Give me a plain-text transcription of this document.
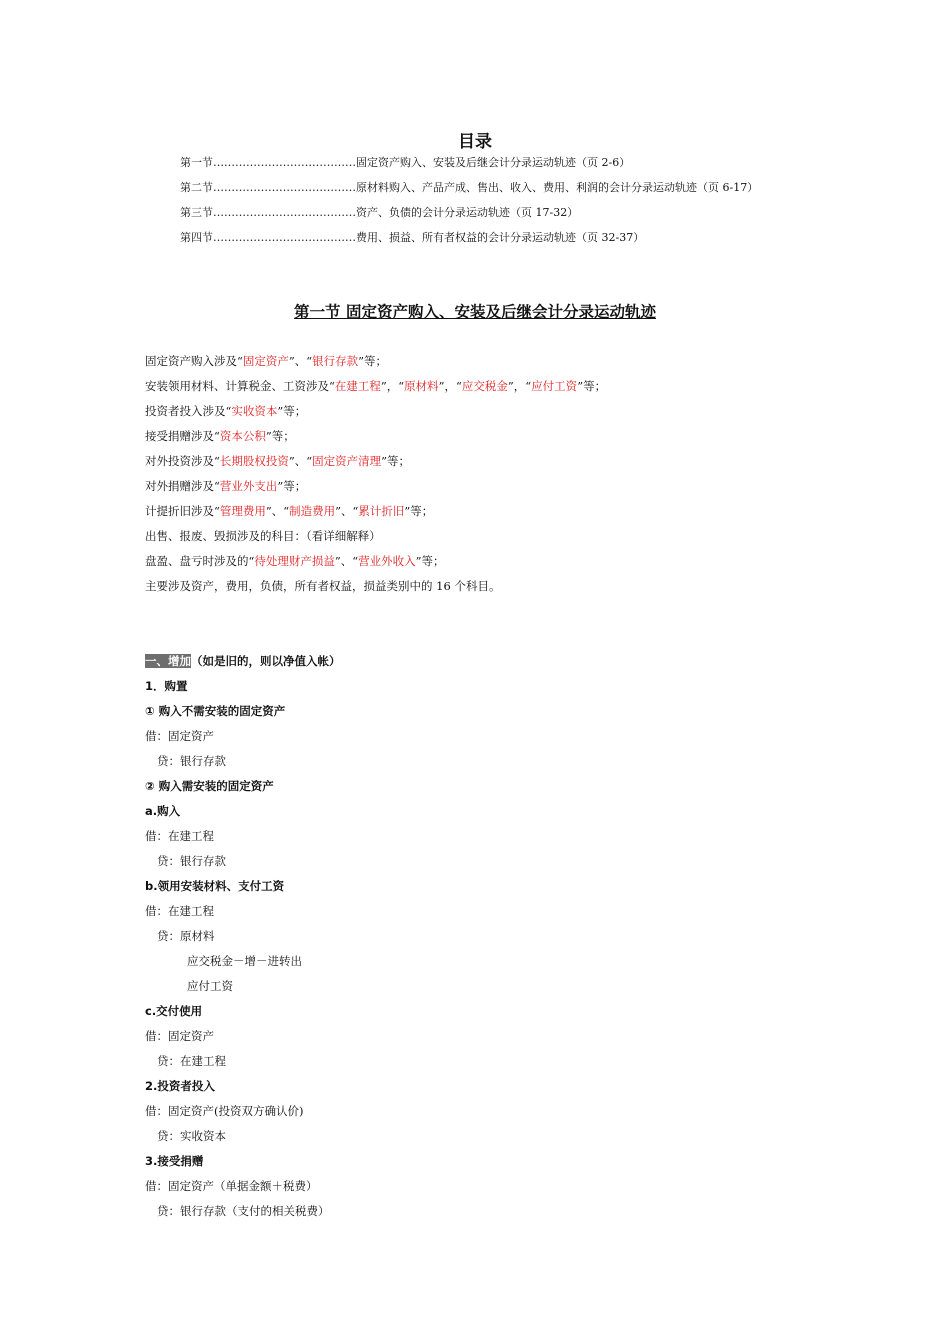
目录
第一节…………………………………固定资产购入、安装及后继会计分录运动轨迹（页 2-6）
第二节…………………………………原材料购入、产品产成、售出、收入、费用、利润的会计分录运动轨迹（页 6-17）
第三节…………………………………资产、负债的会计分录运动轨迹（页 17-32）
第四节…………………………………费用、损益、所有者权益的会计分录运动轨迹（页 32-37）
第一节 固定资产购入、安装及后继会计分录运动轨迹
固定资产购入涉及“固定资产”、“银行存款”等；
安装领用材料、计算税金、工资涉及“在建工程”，“原材料”，“应交税金”，“应付工资”等；
投资者投入涉及“实收资本”等；
接受捐赠涉及“资本公积”等；
对外投资涉及“长期股权投资”、“固定资产清理”等；
对外捐赠涉及“营业外支出”等；
计提折旧涉及“管理费用”、“制造费用”、“累计折旧”等；
出售、报废、毁损涉及的科目：（看详细解释）
盘盈、盘亏时涉及的“待处理财产损益”、“营业外收入”等；
主要涉及资产，费用，负债，所有者权益，损益类别中的 16 个科目。
一、增加（如是旧的，则以净值入帐）
1．购置
① 购入不需安装的固定资产
借：固定资产
贷：银行存款
② 购入需安装的固定资产
a.购入
借：在建工程
贷：银行存款
b.领用安装材料、支付工资
借：在建工程
贷：原材料
应交税金－增－进转出
应付工资
c.交付使用
借：固定资产
贷：在建工程
2.投资者投入
借：固定资产(投资双方确认价)
贷：实收资本
3.接受捐赠
借：固定资产（单据金额＋税费）
贷：银行存款（支付的相关税费）
